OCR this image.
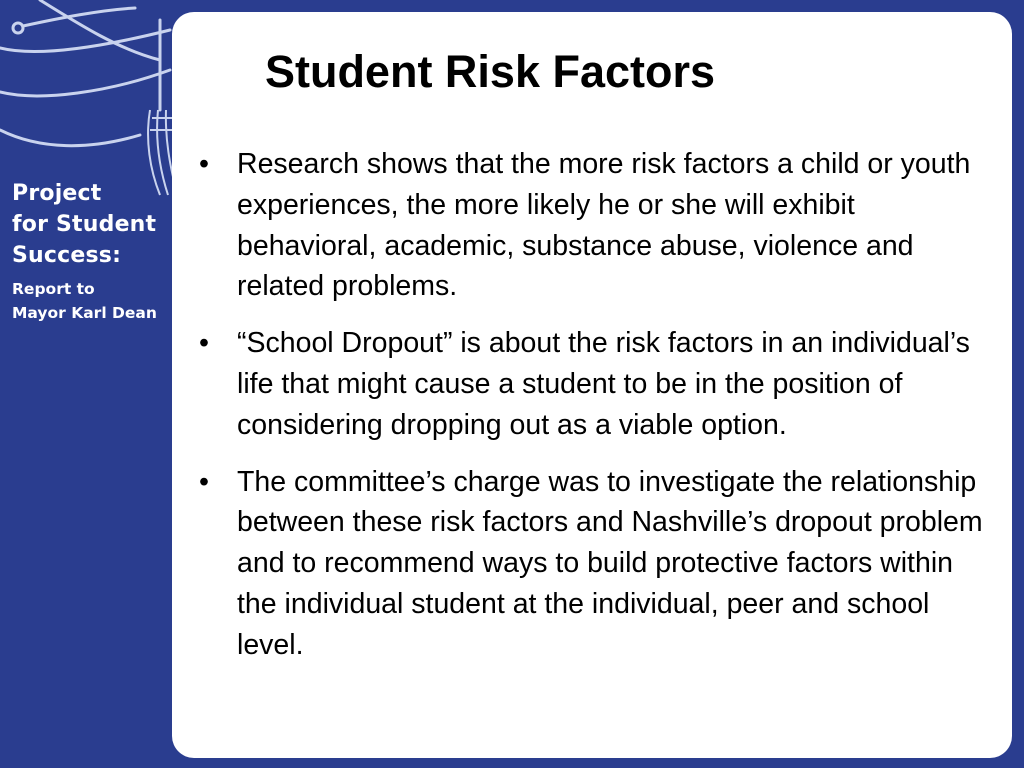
Project
for Student
Success:
Report to
Mayor Karl Dean
Student Risk Factors
• Research shows that the more risk factors a child or youth experiences, the more likely he or she will exhibit behavioral, academic, substance abuse, violence and related problems.
• “School Dropout” is about the risk factors in an individual’s life that might cause a student to be in the position of considering dropping out as a viable option.
• The committee’s charge was to investigate the relationship between these risk factors and Nashville’s dropout problem and to recommend ways to build protective factors within the individual student at the individual, peer and school level.
